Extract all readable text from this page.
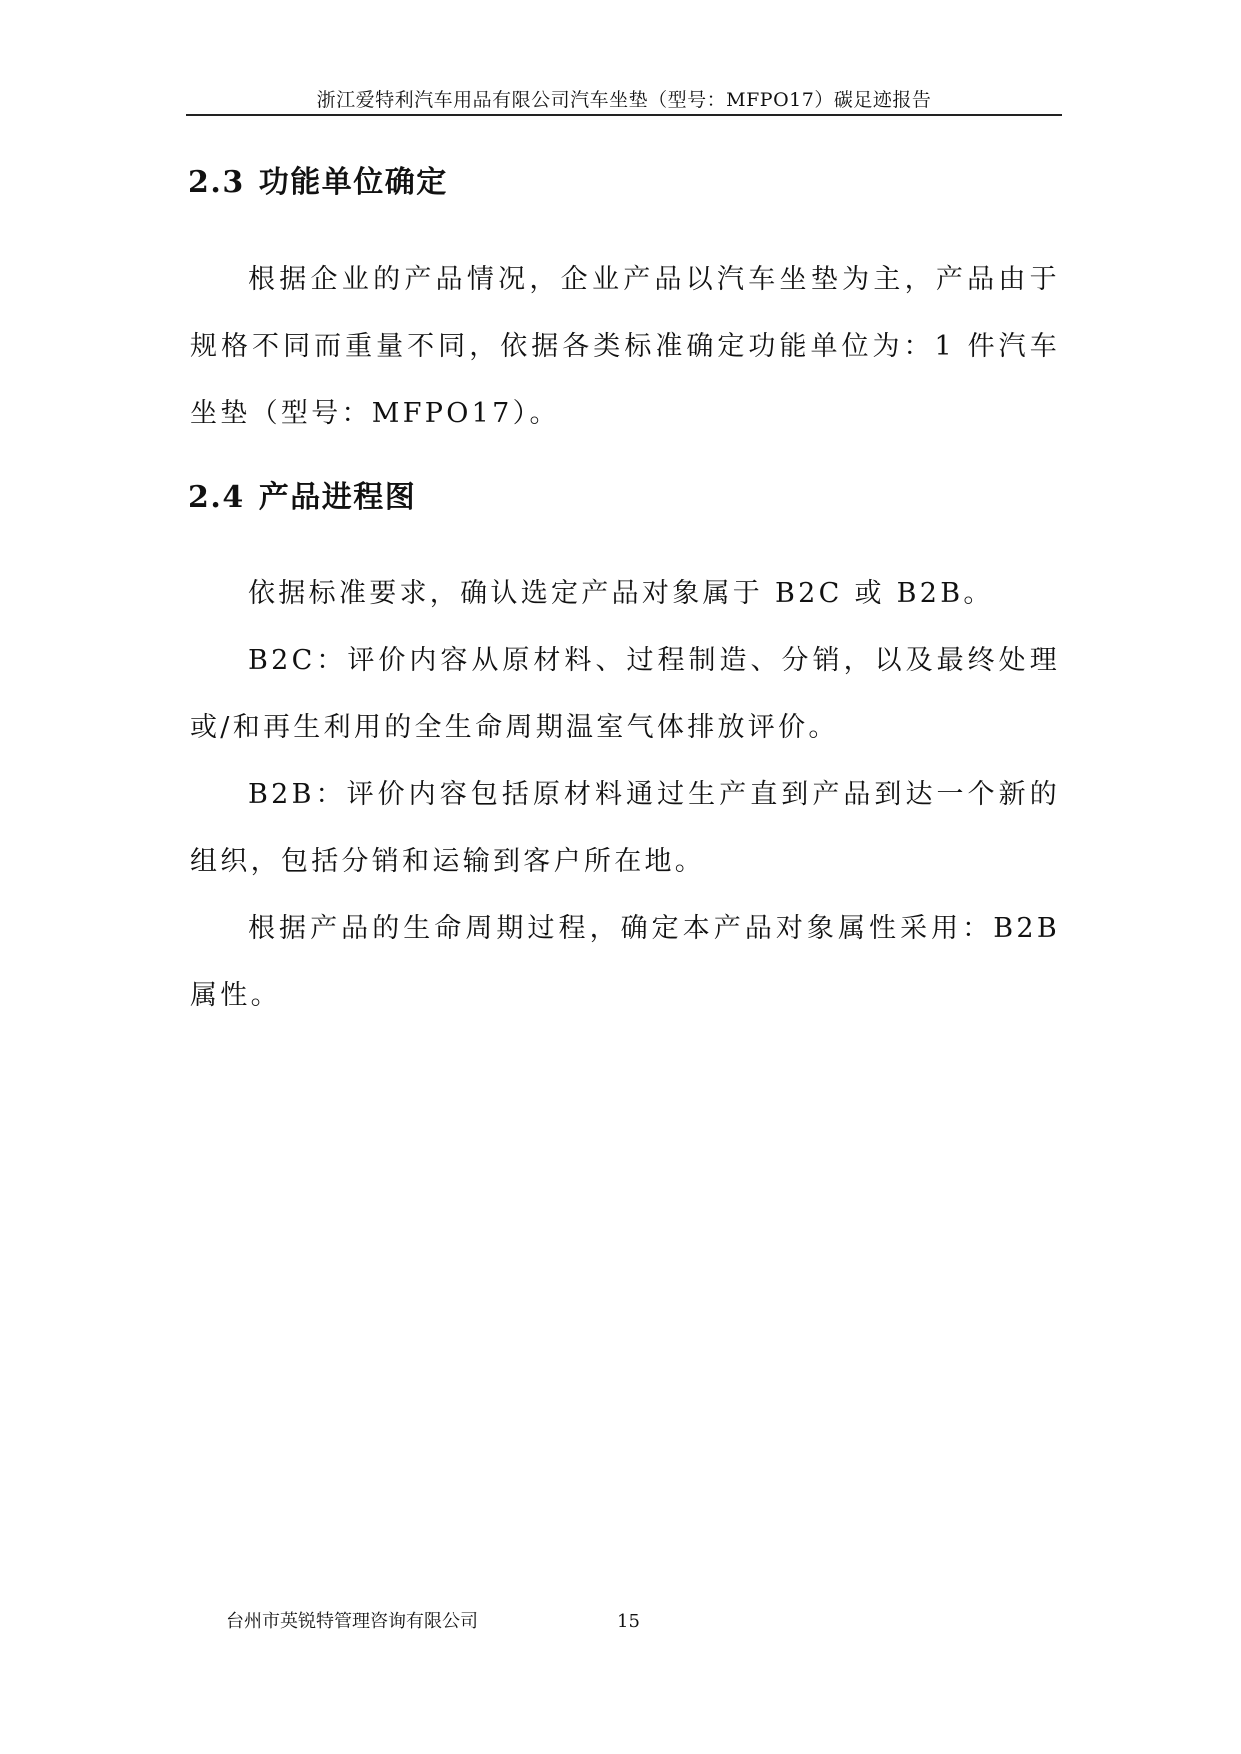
浙江爱特利汽车用品有限公司汽车坐垫（型号：MFPO17）碳足迹报告
2.3 功能单位确定

根据企业的产品情况，企业产品以汽车坐垫为主，产品由于规格不同而重量不同，依据各类标准确定功能单位为：1 件汽车坐垫（型号：MFPO17）。

2.4 产品进程图

依据标准要求，确认选定产品对象属于 B2C 或 B2B。

B2C：评价内容从原材料、过程制造、分销，以及最终处理或/和再生利用的全生命周期温室气体排放评价。

B2B：评价内容包括原材料通过生产直到产品到达一个新的组织，包括分销和运输到客户所在地。

根据产品的生命周期过程，确定本产品对象属性采用：B2B 属性。

台州市英锐特管理咨询有限公司	15
